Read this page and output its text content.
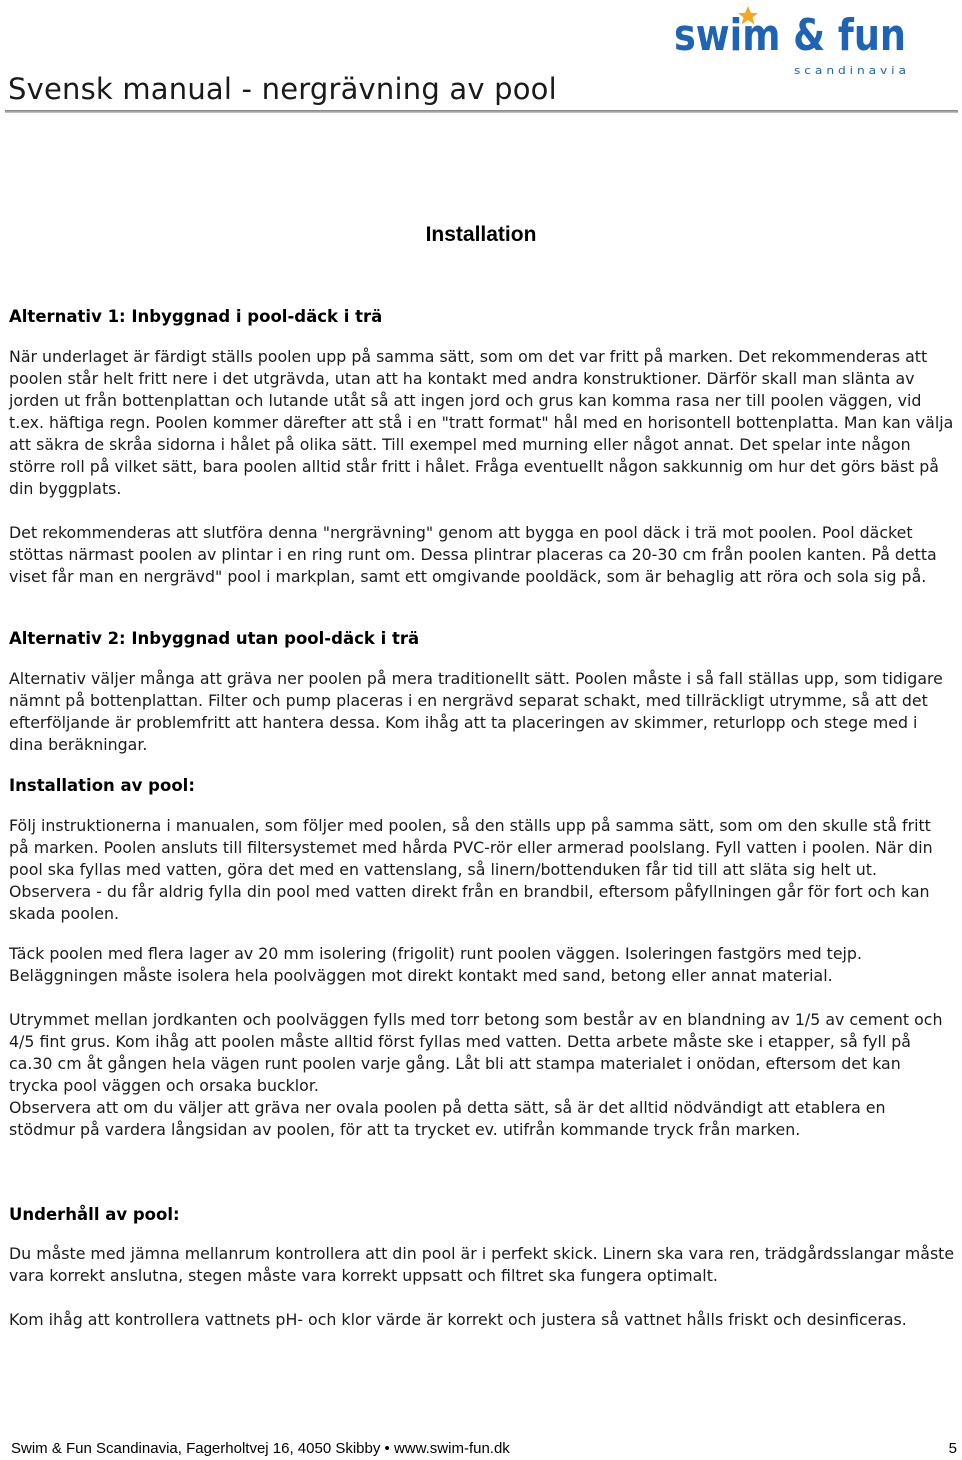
Svensk manual - nergrävning av pool
swim & fun
s c a n d i n a v i a
Installation
Alternativ 1: Inbyggnad i pool-däck i trä

När underlaget är färdigt ställs poolen upp på samma sätt, som om det var fritt på marken. Det rekommenderas att poolen står helt fritt nere i det utgrävda, utan att ha kontakt med andra konstruktioner. Därför skall man slänta av jorden ut från bottenplattan och lutande utåt så att ingen jord och grus kan komma rasa ner till poolen väggen, vid t.ex. häftiga regn. Poolen kommer därefter att stå i en "tratt format" hål med en horisontell bottenplatta. Man kan välja att säkra de skråa sidorna i hålet på olika sätt. Till exempel med murning eller något annat. Det spelar inte någon större roll på vilket sätt, bara poolen alltid står fritt i hålet. Fråga eventuellt någon sakkunnig om hur det görs bäst på din byggplats.

Det rekommenderas att slutföra denna "nergrävning" genom att bygga en pool däck i trä mot poolen. Pool däcket stöttas närmast poolen av plintar i en ring runt om. Dessa plintrar placeras ca 20-30 cm från poolen kanten. På detta viset får man en nergrävd" pool i markplan, samt ett omgivande pooldäck, som är behaglig att röra och sola sig på.

Alternativ 2: Inbyggnad utan pool-däck i trä

Alternativ väljer många att gräva ner poolen på mera traditionellt sätt. Poolen måste i så fall ställas upp, som tidigare nämnt på bottenplattan. Filter och pump placeras i en nergrävd separat schakt, med tillräckligt utrymme, så att det efterföljande är problemfritt att hantera dessa. Kom ihåg att ta placeringen av skimmer, returlopp och stege med i dina beräkningar.

Installation av pool:

Följ instruktionerna i manualen, som följer med poolen, så den ställs upp på samma sätt, som om den skulle stå fritt på marken. Poolen ansluts till filtersystemet med hårda PVC-rör eller armerad poolslang. Fyll vatten i poolen. När din pool ska fyllas med vatten, göra det med en vattenslang, så linern/bottenduken får tid till att släta sig helt ut. Observera - du får aldrig fylla din pool med vatten direkt från en brandbil, eftersom påfyllningen går för fort och kan skada poolen.

Täck poolen med flera lager av 20 mm isolering (frigolit) runt poolen väggen. Isoleringen fastgörs med tejp. Beläggningen måste isolera hela poolväggen mot direkt kontakt med sand, betong eller annat material.

Utrymmet mellan jordkanten och poolväggen fylls med torr betong som består av en blandning av 1/5 av cement och 4/5 fint grus. Kom ihåg att poolen måste alltid först fyllas med vatten. Detta arbete måste ske i etapper, så fyll på ca.30 cm åt gången hela vägen runt poolen varje gång. Låt bli att stampa materialet i onödan, eftersom det kan trycka pool väggen och orsaka bucklor.

Observera att om du väljer att gräva ner ovala poolen på detta sätt, så är det alltid nödvändigt att etablera en stödmur på vardera långsidan av poolen, för att ta trycket ev. utifrån kommande tryck från marken.

Underhåll av pool:

Du måste med jämna mellanrum kontrollera att din pool är i perfekt skick. Linern ska vara ren, trädgårdsslangar måste vara korrekt anslutna, stegen måste vara korrekt uppsatt och filtret ska fungera optimalt.

Kom ihåg att kontrollera vattnets pH- och klor värde är korrekt och justera så vattnet hålls friskt och desinficeras.

Swim & Fun Scandinavia, Fagerholtvej 16, 4050 Skibby • www.swim-fun.dk	5
